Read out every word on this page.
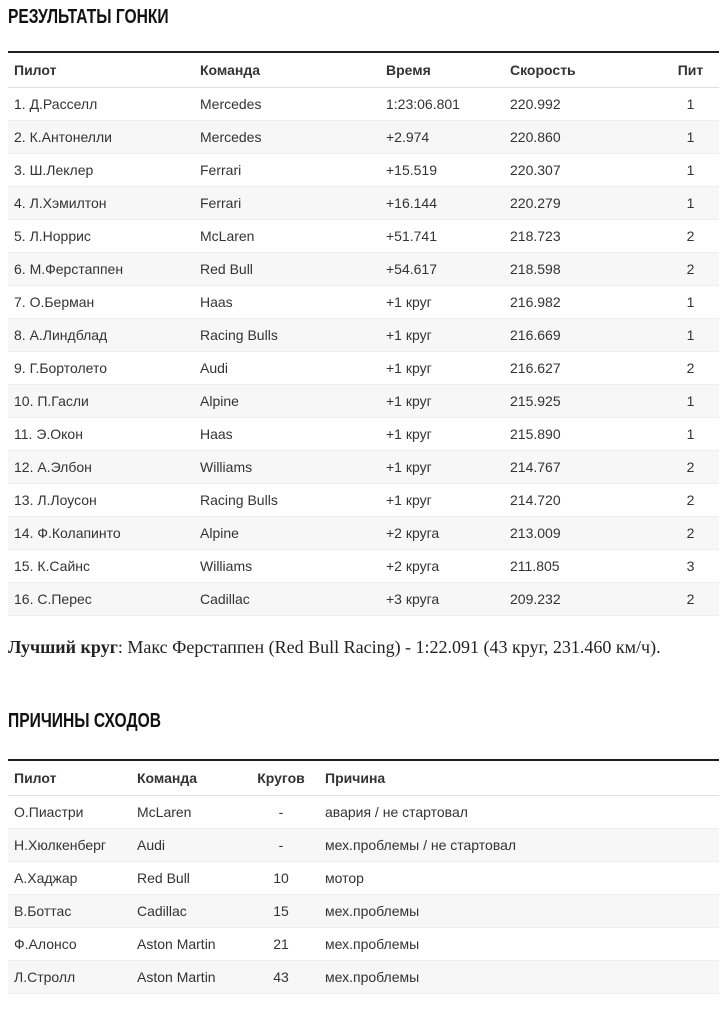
РЕЗУЛЬТАТЫ ГОНКИ
Пилот	Команда	Время	Скорость	Пит
1. Д.Расселл	Mercedes	1:23:06.801	220.992	1
2. К.Антонелли	Mercedes	+2.974	220.860	1
3. Ш.Леклер	Ferrari	+15.519	220.307	1
4. Л.Хэмилтон	Ferrari	+16.144	220.279	1
5. Л.Норрис	McLaren	+51.741	218.723	2
6. М.Ферстаппен	Red Bull	+54.617	218.598	2
7. О.Берман	Haas	+1 круг	216.982	1
8. А.Линдблад	Racing Bulls	+1 круг	216.669	1
9. Г.Бортолето	Audi	+1 круг	216.627	2
10. П.Гасли	Alpine	+1 круг	215.925	1
11. Э.Окон	Haas	+1 круг	215.890	1
12. А.Элбон	Williams	+1 круг	214.767	2
13. Л.Лоусон	Racing Bulls	+1 круг	214.720	2
14. Ф.Колапинто	Alpine	+2 круга	213.009	2
15. К.Сайнс	Williams	+2 круга	211.805	3
16. С.Перес	Cadillac	+3 круга	209.232	2

Лучший круг: Макс Ферстаппен (Red Bull Racing) - 1:22.091 (43 круг, 231.460 км/ч).

ПРИЧИНЫ СХОДОВ
Пилот	Команда	Кругов	Причина
О.Пиастри	McLaren	-	авария / не стартовал
Н.Хюлкенберг	Audi	-	мех.проблемы / не стартовал
А.Хаджар	Red Bull	10	мотор
В.Боттас	Cadillac	15	мех.проблемы
Ф.Алонсо	Aston Martin	21	мех.проблемы
Л.Стролл	Aston Martin	43	мех.проблемы
